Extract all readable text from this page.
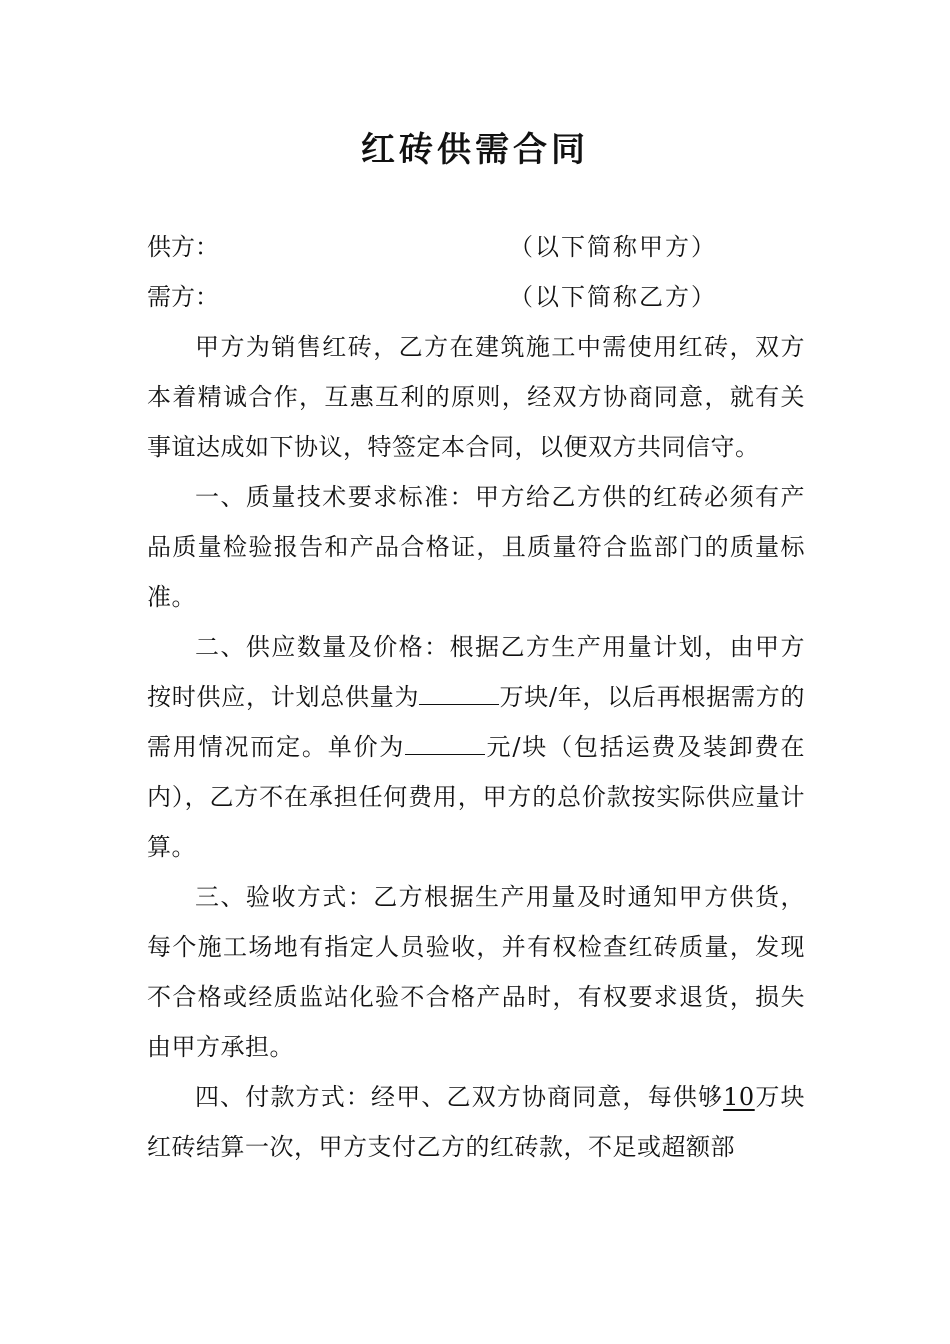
红砖供需合同
供方：	（以下简称甲方）
需方：	（以下简称乙方）

甲方为销售红砖，乙方在建筑施工中需使用红砖，双方本着精诚合作，互惠互利的原则，经双方协商同意，就有关事谊达成如下协议，特签定本合同，以便双方共同信守。

一、质量技术要求标准：甲方给乙方供的红砖必须有产品质量检验报告和产品合格证，且质量符合监部门的质量标准。

二、供应数量及价格：根据乙方生产用量计划，由甲方按时供应，计划总供量为	万块/年，以后再根据需方的需用情况而定。单价为	元/块（包括运费及装卸费在内），乙方不在承担任何费用，甲方的总价款按实际供应量计算。

三、验收方式：乙方根据生产用量及时通知甲方供货，每个施工场地有指定人员验收，并有权检查红砖质量，发现不合格或经质监站化验不合格产品时，有权要求退货，损失由甲方承担。

四、付款方式：经甲、乙双方协商同意，每供够10万块红砖结算一次，甲方支付乙方的红砖款，不足或超额部
